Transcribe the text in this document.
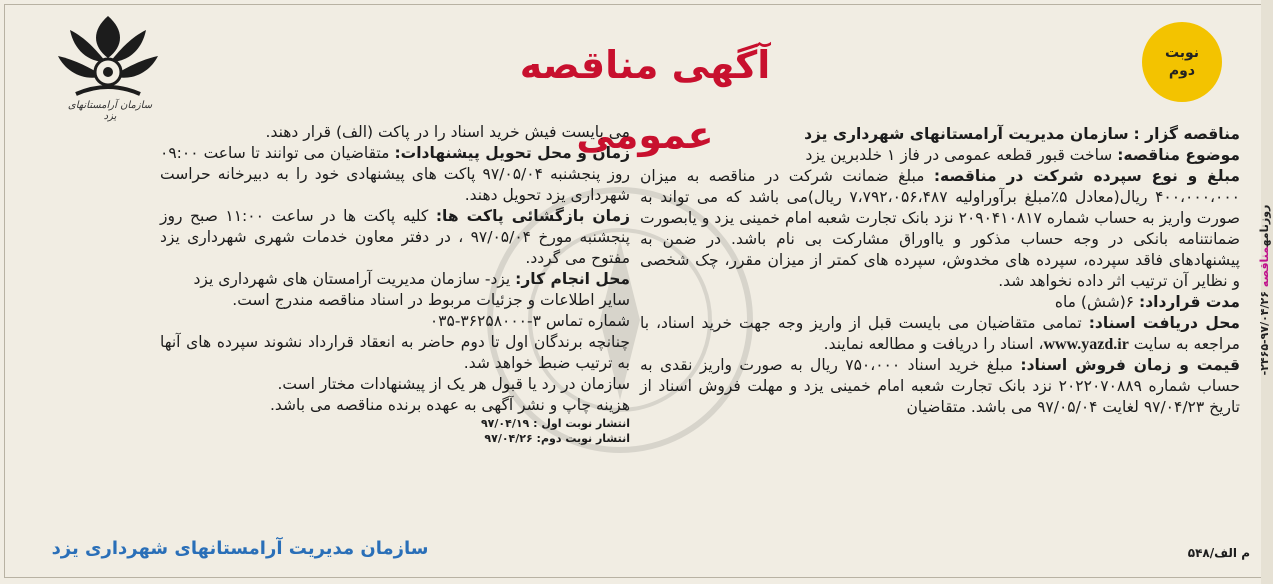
روزنامهمناقصه ۹۷/۰۴/۲۶-۲۴۶۵-
سازمان آرامستانهای یزد
آگهی مناقصه عمومی
نوبت
دوم

مناقصه گزار : سازمان مدیریت آرامستانهای شهرداری یزد

موضوع مناقصه: ساخت قبور قطعه عمومی در فاز ۱ خلدبرین یزد

مبلغ و نوع سپرده شرکت در مناقصه: مبلغ ضمانت شرکت در مناقصه به میزان ۴۰۰،۰۰۰،۰۰۰ ریال(معادل ۵٪مبلغ برآوراولیه ۷،۷۹۲،۰۵۶،۴۸۷ ریال)می باشد که می تواند به صورت واریز به حساب شماره ۲۰۹۰۴۱۰۸۱۷ نزد بانک تجارت شعبه امام خمینی یزد و یابصورت ضمانتنامه بانکی در وجه حساب مذکور و یااوراق مشارکت بی نام باشد. در ضمن به پیشنهادهای فاقد سپرده، سپرده های مخدوش، سپرده های کمتر از میزان مقرر، چک شخصی و نظایر آن ترتیب اثر داده نخواهد شد.

مدت قرارداد: ۶(شش) ماه

محل دریافت اسناد: تمامی متقاضیان می بایست قبل از واریز وجه جهت خرید اسناد، با مراجعه به سایت www.yazd.ir، اسناد را دریافت و مطالعه نمایند.

قیمت و زمان فروش اسناد: مبلغ خرید اسناد ۷۵۰،۰۰۰ ریال به صورت واریز نقدی به حساب شماره ۲۰۲۲۰۷۰۸۸۹ نزد بانک تجارت شعبه امام خمینی یزد و مهلت فروش اسناد از تاریخ ۹۷/۰۴/۲۳ لغایت ۹۷/۰۵/۰۴ می باشد. متقاضیان

می بایست فیش خرید اسناد را در پاکت (الف) قرار دهند.

زمان و محل تحویل پیشنهادات: متقاضیان می توانند تا ساعت ۰۹:۰۰ روز پنجشنبه ۹۷/۰۵/۰۴ پاکت های پیشنهادی خود را به دبیرخانه حراست شهرداری یزد تحویل دهند.

زمان بازگشائی پاکت ها: کلیه پاکت ها در ساعت ۱۱:۰۰ صبح روز پنجشنبه مورخ ۹۷/۰۵/۰۴ ، در دفتر معاون خدمات شهری شهرداری یزد مفتوح می گردد.

محل انجام کار: یزد- سازمان مدیریت آرامستان های شهرداری یزد

سایر اطلاعات و جزئیات مربوط در اسناد مناقصه مندرج است.

شماره تماس ۳-۳۶۲۵۸۰۰۰-۰۳۵

چنانچه برندگان اول تا دوم حاضر به انعقاد قرارداد نشوند سپرده های آنها به ترتیب ضبط خواهد شد.

سازمان در رد یا قبول هر یک از پیشنهادات مختار است.

هزینه چاپ و نشر آگهی به عهده برنده مناقصه می باشد.

انتشار نوبت اول : ۹۷/۰۴/۱۹

انتشار نوبت دوم: ۹۷/۰۴/۲۶

سازمان مدیریت آرامستانهای شهرداری یزد	م الف/۵۴۸
